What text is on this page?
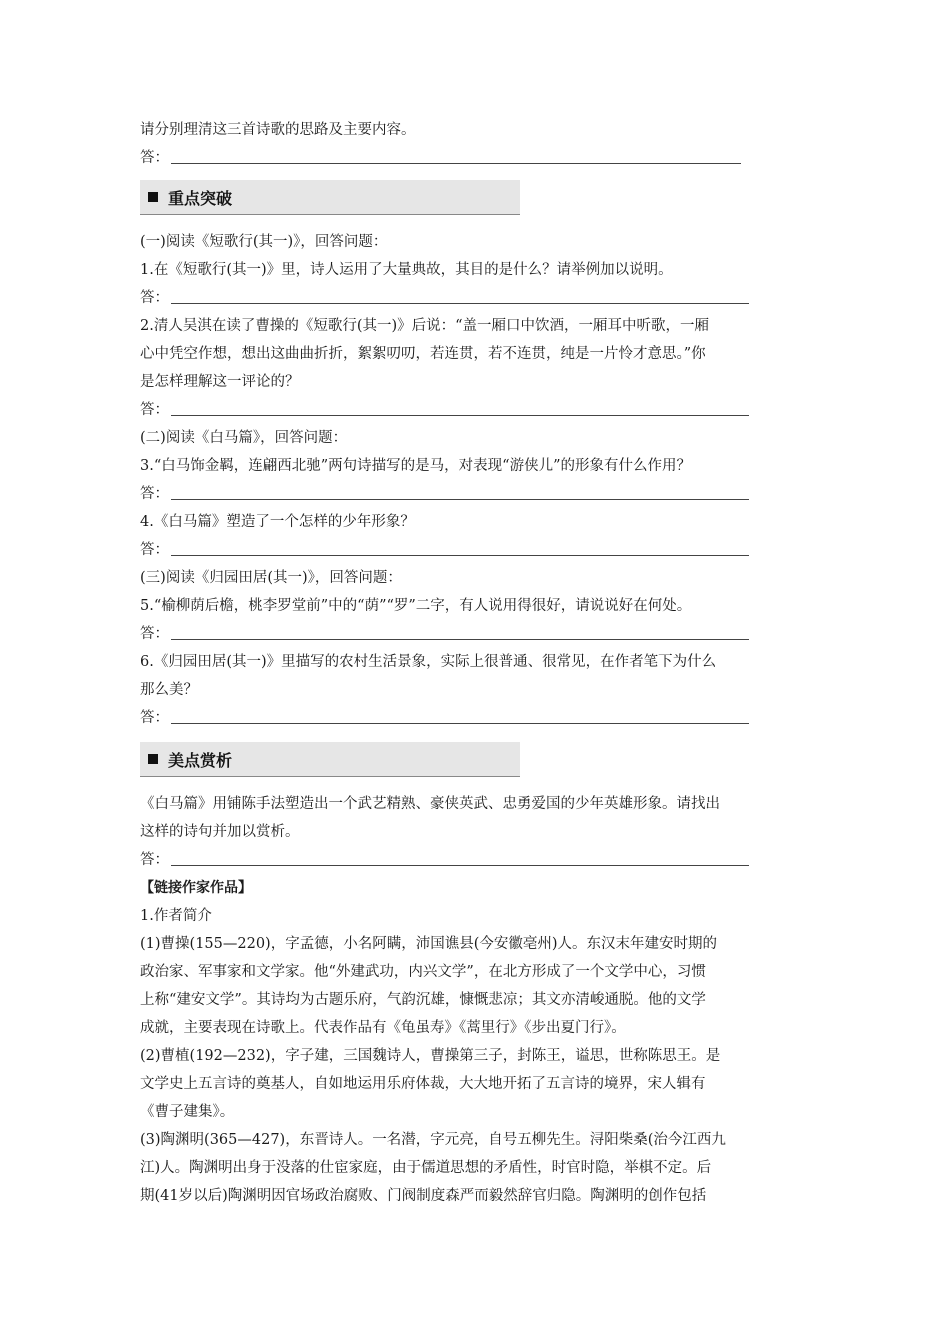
请分别理清这三首诗歌的思路及主要内容。
答：
重点突破
(一)阅读《短歌行(其一)》，回答问题：
1.在《短歌行(其一)》里，诗人运用了大量典故，其目的是什么？请举例加以说明。
答：
2.清人吴淇在读了曹操的《短歌行(其一)》后说：“盖一厢口中饮酒，一厢耳中听歌，一厢
心中凭空作想，想出这曲曲折折，絮絮叨叨，若连贯，若不连贯，纯是一片怜才意思。”你
是怎样理解这一评论的？
答：
(二)阅读《白马篇》，回答问题：
3.“白马饰金羁，连翩西北驰”两句诗描写的是马，对表现“游侠儿”的形象有什么作用？
答：
4.《白马篇》塑造了一个怎样的少年形象？
答：
(三)阅读《归园田居(其一)》，回答问题：
5.“榆柳荫后檐，桃李罗堂前”中的“荫”“罗”二字，有人说用得很好，请说说好在何处。
答：
6.《归园田居(其一)》里描写的农村生活景象，实际上很普通、很常见，在作者笔下为什么
那么美？
答：
美点赏析
《白马篇》用铺陈手法塑造出一个武艺精熟、豪侠英武、忠勇爱国的少年英雄形象。请找出
这样的诗句并加以赏析。
答：
【链接作家作品】
1.作者简介
(1)曹操(155—220)，字孟德，小名阿瞒，沛国谯县(今安徽亳州)人。东汉末年建安时期的
政治家、军事家和文学家。他“外建武功，内兴文学”，在北方形成了一个文学中心，习惯
上称“建安文学”。其诗均为古题乐府，气韵沉雄，慷慨悲凉；其文亦清峻通脱。他的文学
成就，主要表现在诗歌上。代表作品有《龟虽寿》《蒿里行》《步出夏门行》。
(2)曹植(192—232)，字子建，三国魏诗人，曹操第三子，封陈王，谥思，世称陈思王。是
文学史上五言诗的奠基人，自如地运用乐府体裁，大大地开拓了五言诗的境界，宋人辑有
《曹子建集》。
(3)陶渊明(365—427)，东晋诗人。一名潜，字元亮，自号五柳先生。浔阳柴桑(治今江西九
江)人。陶渊明出身于没落的仕宦家庭，由于儒道思想的矛盾性，时官时隐，举棋不定。后
期(41岁以后)陶渊明因官场政治腐败、门阀制度森严而毅然辞官归隐。陶渊明的创作包括
